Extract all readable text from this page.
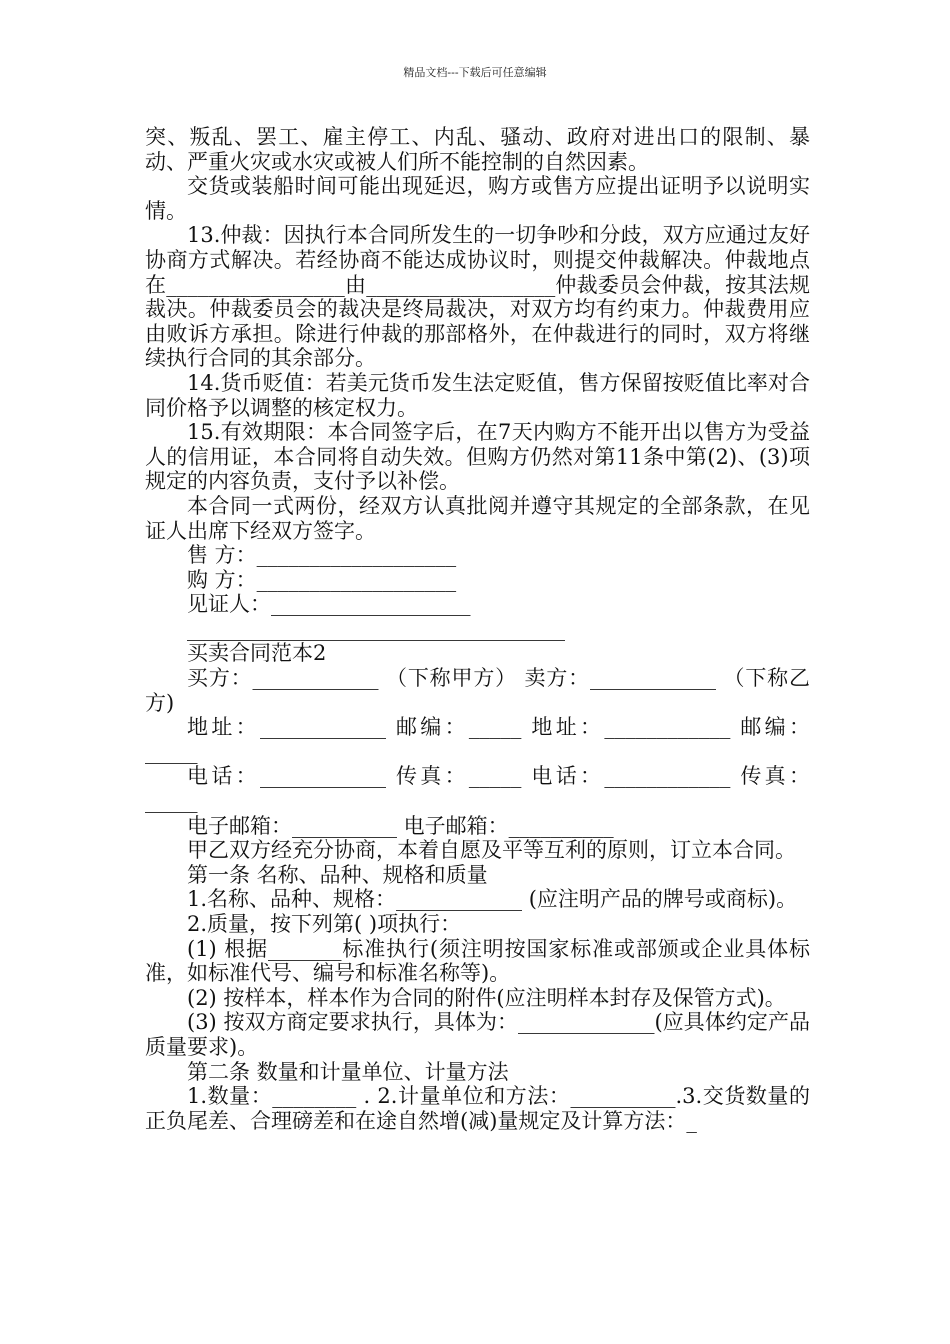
精品文档---下载后可任意编辑

突、叛乱、罢工、雇主停工、内乱、骚动、政府对进出口的限制、暴动、严重火灾或水灾或被人们所不能控制的自然因素。

交货或装船时间可能出现延迟，购方或售方应提出证明予以说明实情。

13.仲裁：因执行本合同所发生的一切争吵和分歧，双方应通过友好协商方式解决。若经协商不能达成协议时，则提交仲裁解决。仲裁地点在_________________由__________________仲裁委员会仲裁，按其法规裁决。仲裁委员会的裁决是终局裁决，对双方均有约束力。仲裁费用应由败诉方承担。除进行仲裁的那部格外，在仲裁进行的同时，双方将继续执行合同的其余部分。

14.货币贬值：若美元货币发生法定贬值，售方保留按贬值比率对合同价格予以调整的核定权力。

15.有效期限：本合同签字后，在7天内购方不能开出以售方为受益人的信用证，本合同将自动失效。但购方仍然对第11条中第(2)、(3)项规定的内容负责，支付予以补偿。

本合同一式两份，经双方认真批阅并遵守其规定的全部条款，在见证人出席下经双方签字。

售 方：___________________
购 方：___________________
见证人：___________________
____________________________________

买卖合同范本2

买方：____________ （下称甲方） 卖方：____________ （下称乙方)

地址：____________ 邮编：_____ 地址：____________ 邮编：_____

电话：____________ 传真：_____ 电话：____________ 传真：_____

电子邮箱：__________ 电子邮箱：__________

甲乙双方经充分协商，本着自愿及平等互利的原则，订立本合同。

第一条 名称、品种、规格和质量

1.名称、品种、规格：____________ (应注明产品的牌号或商标)。

2.质量，按下列第( )项执行：

(1) 根据_______标准执行(须注明按国家标准或部颁或企业具体标准，如标准代号、编号和标准名称等)。

(2) 按样本，样本作为合同的附件(应注明样本封存及保管方式)。

(3) 按双方商定要求执行，具体为：_____________(应具体约定产品质量要求)。

第二条 数量和计量单位、计量方法

1.数量：________ . 2.计量单位和方法：__________.3.交货数量的正负尾差、合理磅差和在途自然增(减)量规定及计算方法：_
